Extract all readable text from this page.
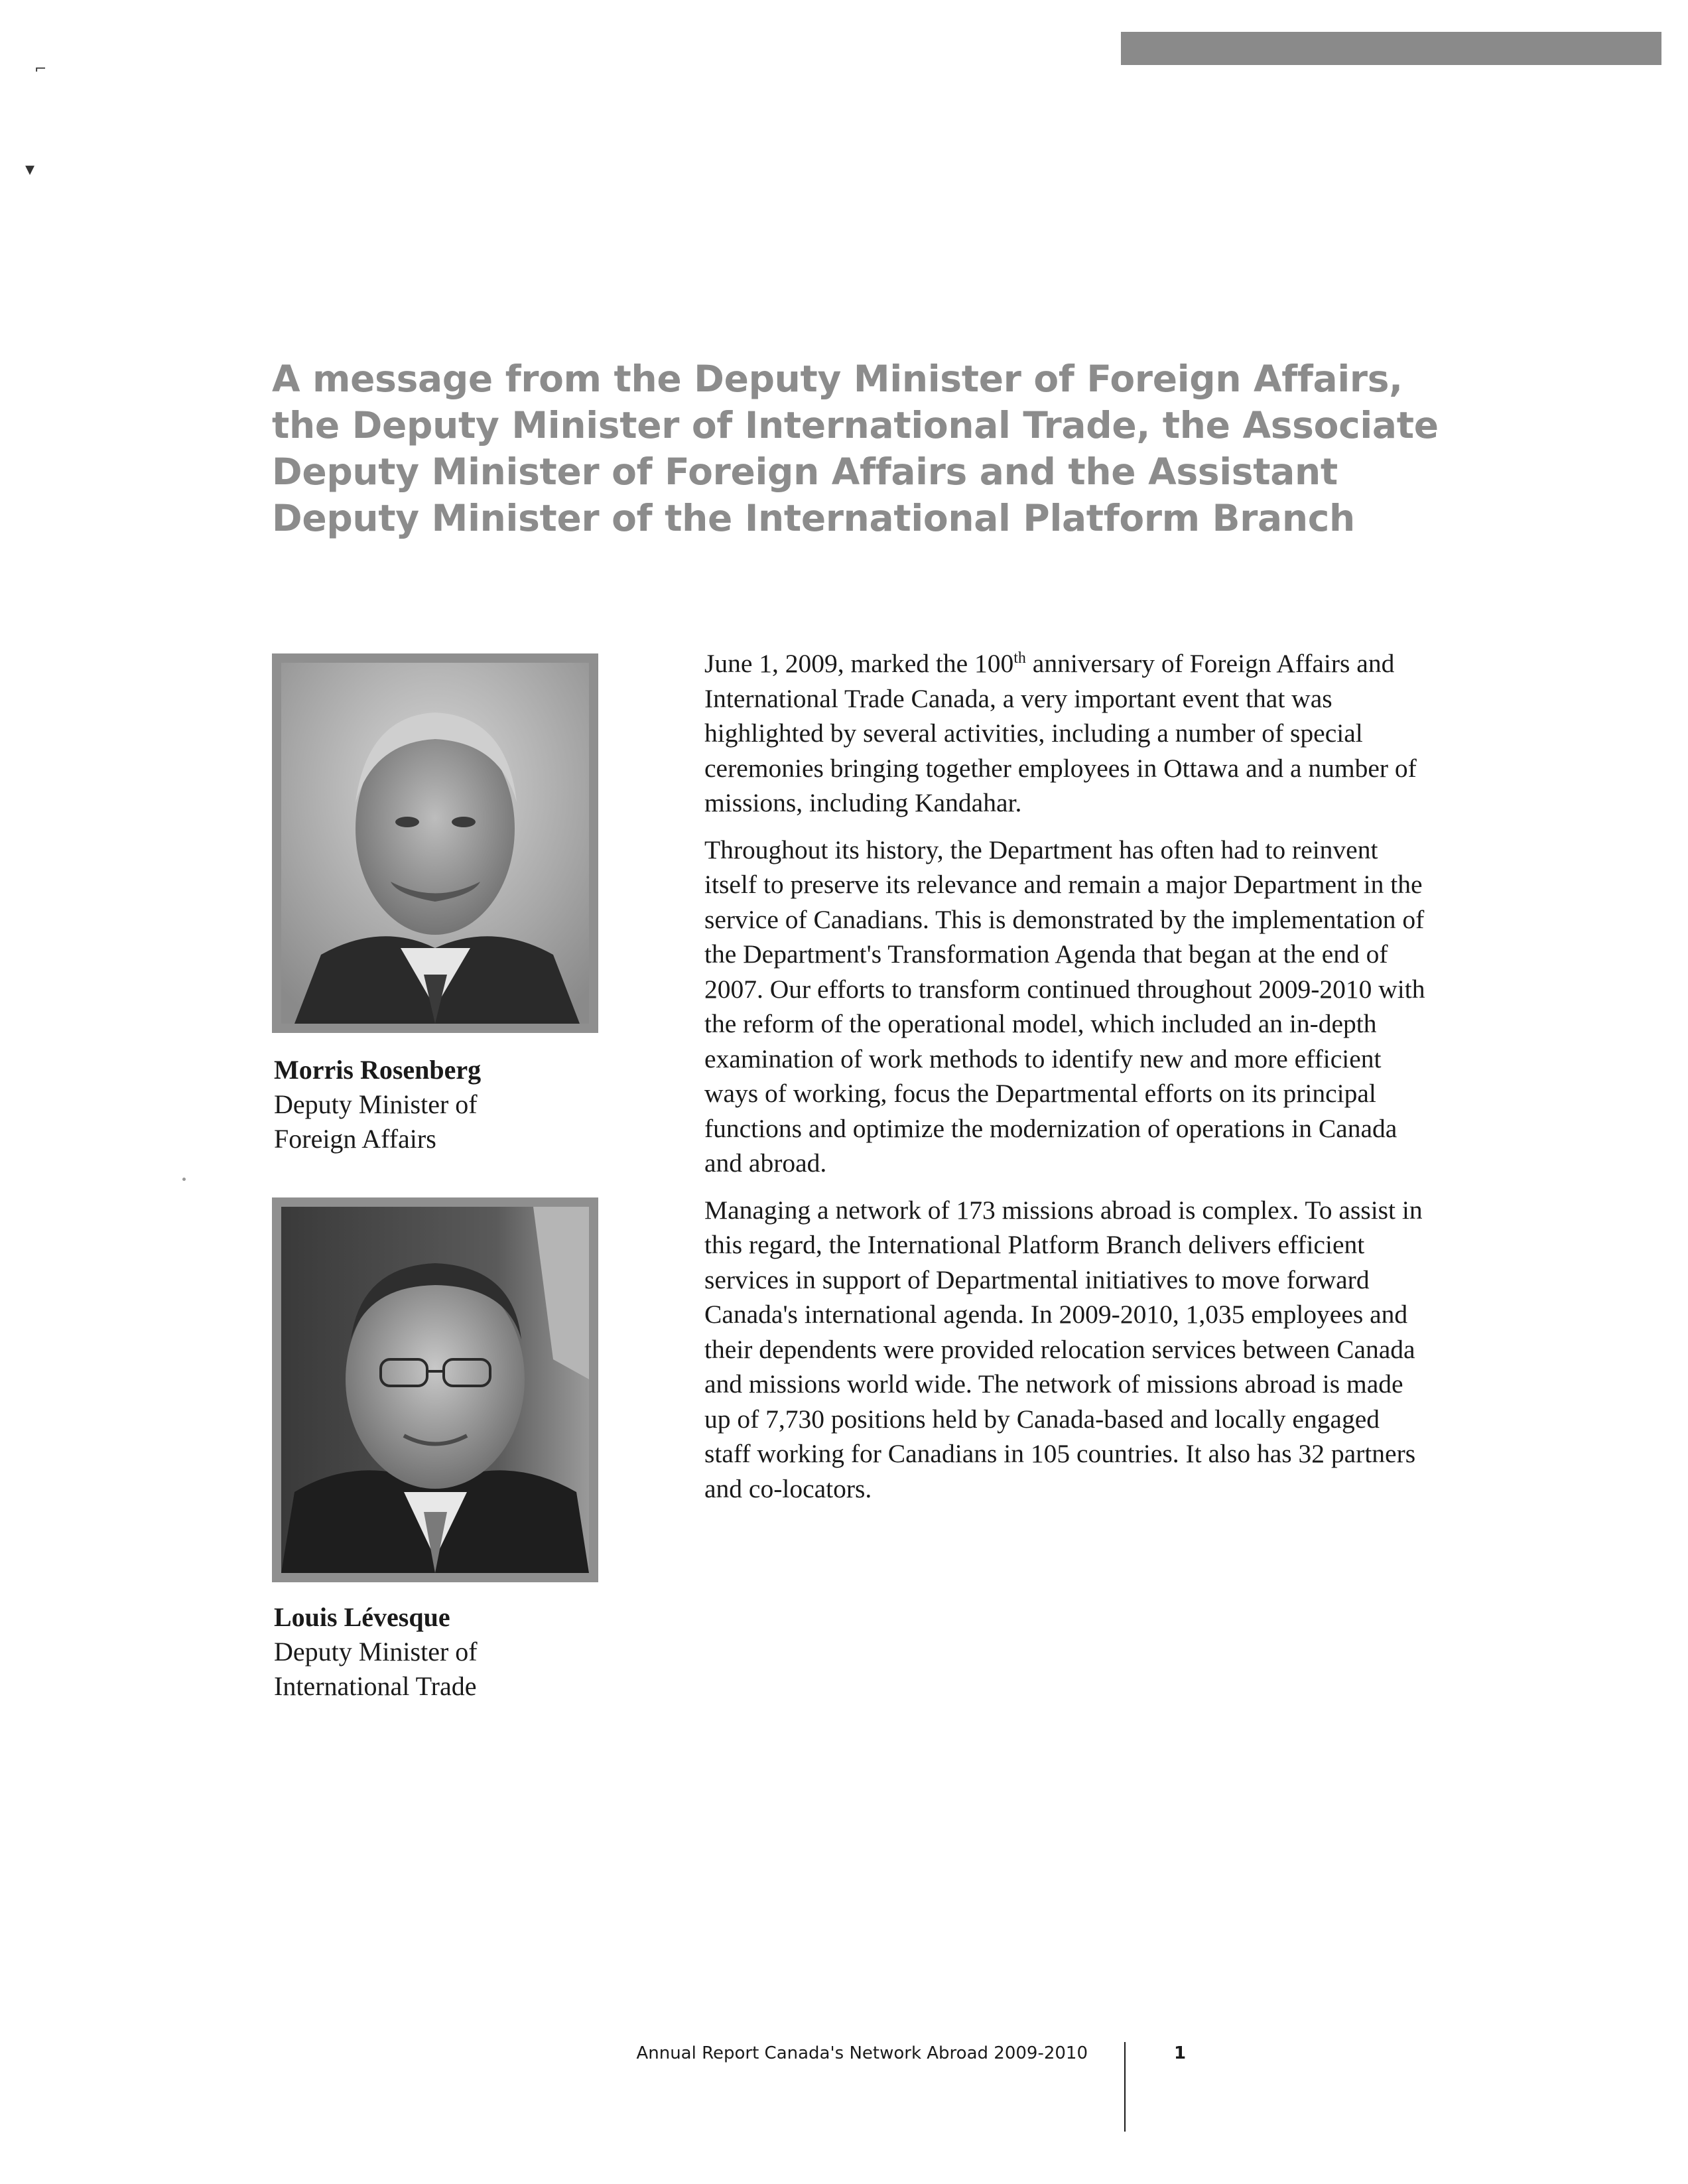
⌐
▾
A message from the Deputy Minister of Foreign Affairs, the Deputy Minister of International Trade, the Associate Deputy Minister of Foreign Affairs and the Assistant Deputy Minister of the International Platform Branch
Morris Rosenberg
Deputy Minister of
Foreign Affairs
Louis Lévesque
Deputy Minister of
International Trade

June 1, 2009, marked the 100th anniversary of Foreign Affairs and International Trade Canada, a very important event that was highlighted by several activities, including a number of special ceremonies bringing together employees in Ottawa and a number of missions, including Kandahar.

Throughout its history, the Department has often had to reinvent itself to preserve its relevance and remain a major Department in the service of Canadians. This is demonstrated by the implementation of the Department's Transformation Agenda that began at the end of 2007. Our efforts to transform continued throughout 2009-2010 with the reform of the operational model, which included an in-depth examination of work methods to identify new and more efficient ways of working, focus the Departmental efforts on its principal functions and optimize the modernization of operations in Canada and abroad.

Managing a network of 173 missions abroad is complex. To assist in this regard, the International Platform Branch delivers efficient services in support of Departmental initiatives to move forward Canada's international agenda. In 2009-2010, 1,035 employees and their dependents were provided relocation services between Canada and missions world wide. The network of missions abroad is made up of 7,730 positions held by Canada-based and locally engaged staff working for Canadians in 105 countries. It also has 32 partners and co-locators.

Annual Report Canada's Network Abroad 2009-2010	1
